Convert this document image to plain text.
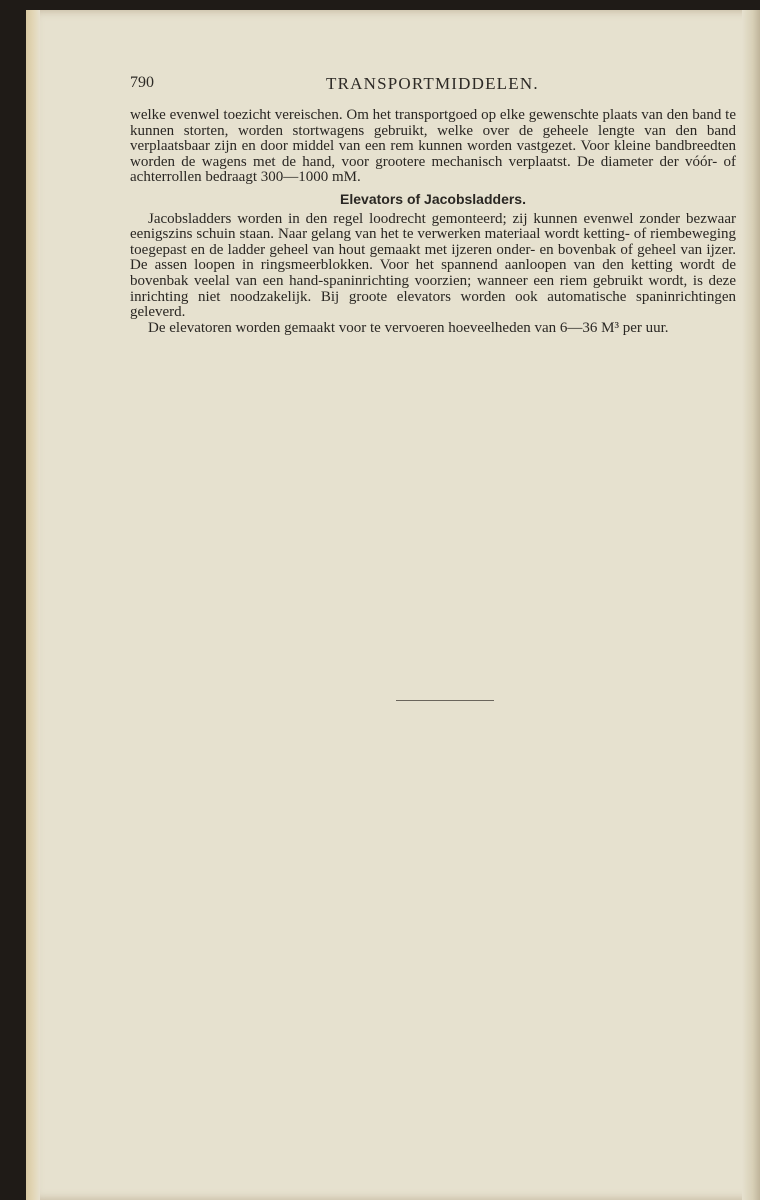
790	TRANSPORTMIDDELEN.

welke evenwel toezicht vereischen. Om het transportgoed op elke gewenschte plaats van den band te kunnen storten, worden stortwagens gebruikt, welke over de geheele lengte van den band verplaatsbaar zijn en door middel van een rem kunnen worden vastgezet. Voor kleine bandbreedten worden de wagens met de hand, voor grootere mechanisch verplaatst. De diameter der vóór- of achterrollen bedraagt 300—1000 mM.

Elevators of Jacobsladders.

Jacobsladders worden in den regel loodrecht gemonteerd; zij kunnen evenwel zonder bezwaar eenigszins schuin staan. Naar gelang van het te verwerken materiaal wordt ketting- of riembeweging toegepast en de ladder geheel van hout gemaakt met ijzeren onder- en bovenbak of geheel van ijzer. De assen loopen in ringsmeerblokken. Voor het spannend aanloopen van den ketting wordt de bovenbak veelal van een hand-spaninrichting voorzien; wanneer een riem gebruikt wordt, is deze inrichting niet noodzakelijk. Bij groote elevators worden ook automatische spaninrichtingen geleverd.

De elevatoren worden gemaakt voor te vervoeren hoeveelheden van 6—36 M³ per uur.
